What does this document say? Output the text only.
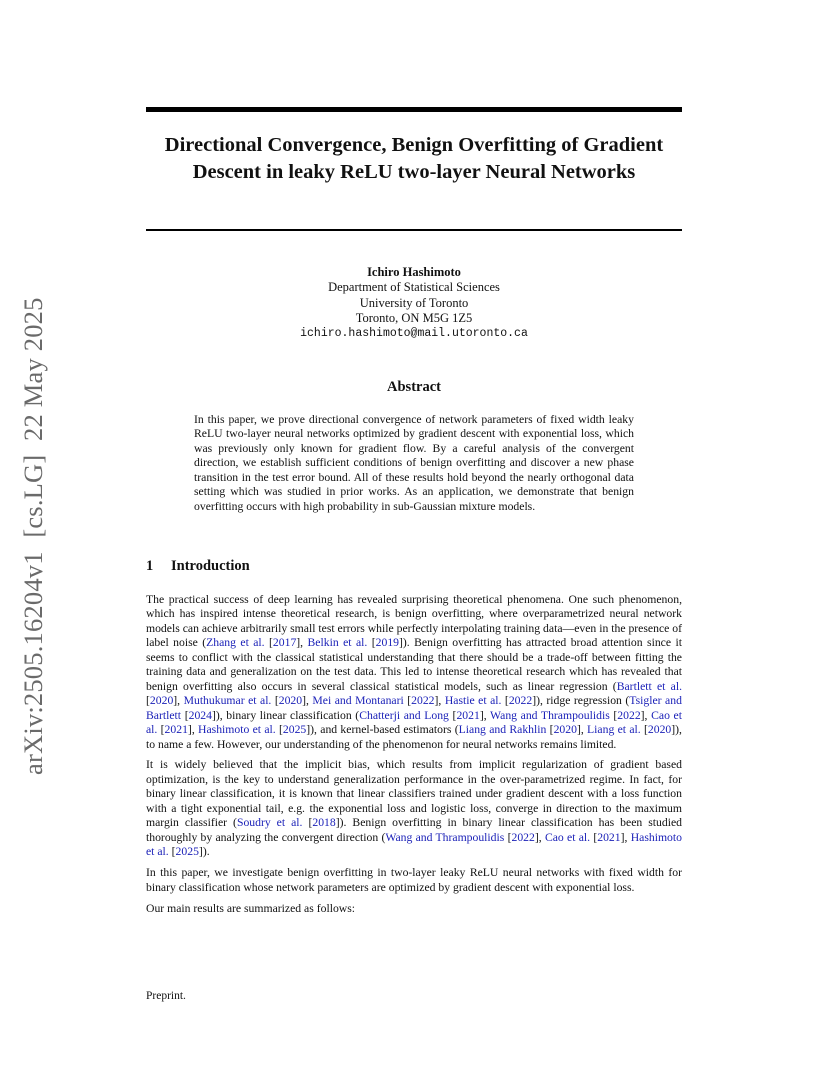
arXiv:2505.16204v1  [cs.LG]  22 May 2025
Directional Convergence, Benign Overfitting of Gradient Descent in leaky ReLU two-layer Neural Networks
Ichiro Hashimoto
Department of Statistical Sciences
University of Toronto
Toronto, ON M5G 1Z5
ichiro.hashimoto@mail.utoronto.ca
Abstract
In this paper, we prove directional convergence of network parameters of fixed width leaky ReLU two-layer neural networks optimized by gradient descent with exponential loss, which was previously only known for gradient flow. By a careful analysis of the convergent direction, we establish sufficient conditions of benign overfitting and discover a new phase transition in the test error bound. All of these results hold beyond the nearly orthogonal data setting which was studied in prior works. As an application, we demonstrate that benign overfitting occurs with high probability in sub-Gaussian mixture models.
1 Introduction

The practical success of deep learning has revealed surprising theoretical phenomena. One such phenomenon, which has inspired intense theoretical research, is benign overfitting, where overparametrized neural network models can achieve arbitrarily small test errors while perfectly interpolating training data—even in the presence of label noise (Zhang et al. [2017], Belkin et al. [2019]). Benign overfitting has attracted broad attention since it seems to conflict with the classical statistical understanding that there should be a trade-off between fitting the training data and generalization on the test data. This led to intense theoretical research which has revealed that benign overfitting also occurs in several classical statistical models, such as linear regression (Bartlett et al. [2020], Muthukumar et al. [2020], Mei and Montanari [2022], Hastie et al. [2022]), ridge regression (Tsigler and Bartlett [2024]), binary linear classification (Chatterji and Long [2021], Wang and Thrampoulidis [2022], Cao et al. [2021], Hashimoto et al. [2025]), and kernel-based estimators (Liang and Rakhlin [2020], Liang et al. [2020]), to name a few. However, our understanding of the phenomenon for neural networks remains limited.

It is widely believed that the implicit bias, which results from implicit regularization of gradient based optimization, is the key to understand generalization performance in the over-parametrized regime. In fact, for binary linear classification, it is known that linear classifiers trained under gradient descent with a loss function with a tight exponential tail, e.g. the exponential loss and logistic loss, converge in direction to the maximum margin classifier (Soudry et al. [2018]). Benign overfitting in binary linear classification has been studied thoroughly by analyzing the convergent direction (Wang and Thrampoulidis [2022], Cao et al. [2021], Hashimoto et al. [2025]).

In this paper, we investigate benign overfitting in two-layer leaky ReLU neural networks with fixed width for binary classification whose network parameters are optimized by gradient descent with exponential loss.

Our main results are summarized as follows:

Preprint.
